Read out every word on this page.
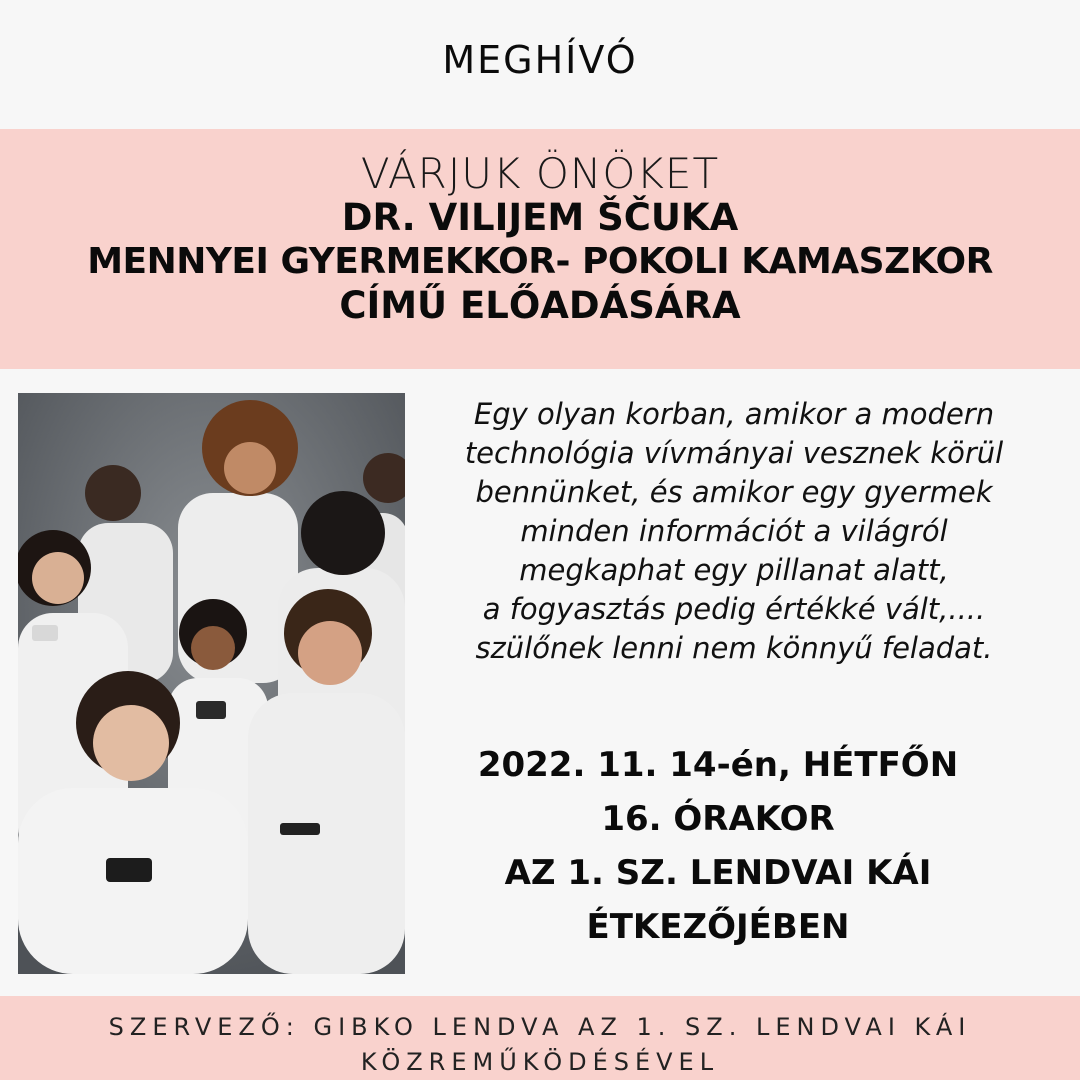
MEGHÍVÓ
VÁRJUK ÖNÖKET
DR. VILIJEM ŠČUKA
MENNYEI GYERMEKKOR- POKOLI KAMASZKOR
CÍMŰ ELŐADÁSÁRA
Egy olyan korban, amikor a modern
technológia vívmányai vesznek körül
bennünket, és amikor egy gyermek
minden információt a világról
megkaphat egy pillanat alatt,
a fogyasztás pedig értékké vált,....
szülőnek lenni nem könnyű feladat.
2022. 11. 14-én, HÉTFŐN
16. ÓRAKOR
AZ 1. SZ. LENDVAI KÁI
ÉTKEZŐJÉBEN
SZERVEZŐ: GIBKO LENDVA AZ 1. SZ. LENDVAI KÁI
KÖZREMŰKÖDÉSÉVEL
